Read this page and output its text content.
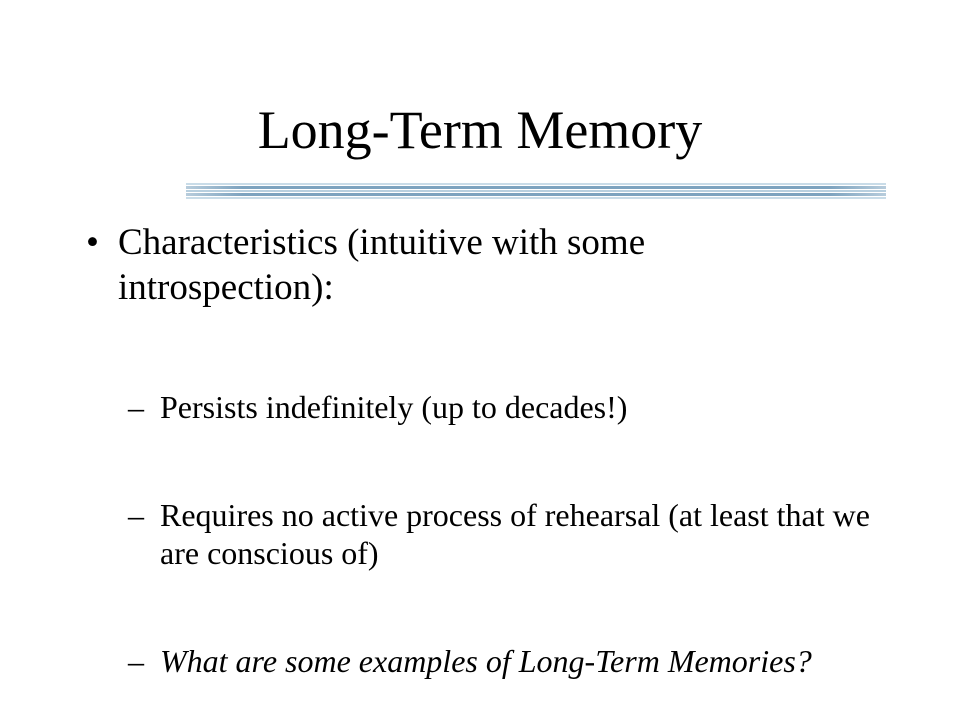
Long-Term Memory
• Characteristics (intuitive with some introspection):
– Persists indefinitely (up to decades!)
– Requires no active process of rehearsal (at least that we are conscious of)
– What are some examples of Long-Term Memories?
